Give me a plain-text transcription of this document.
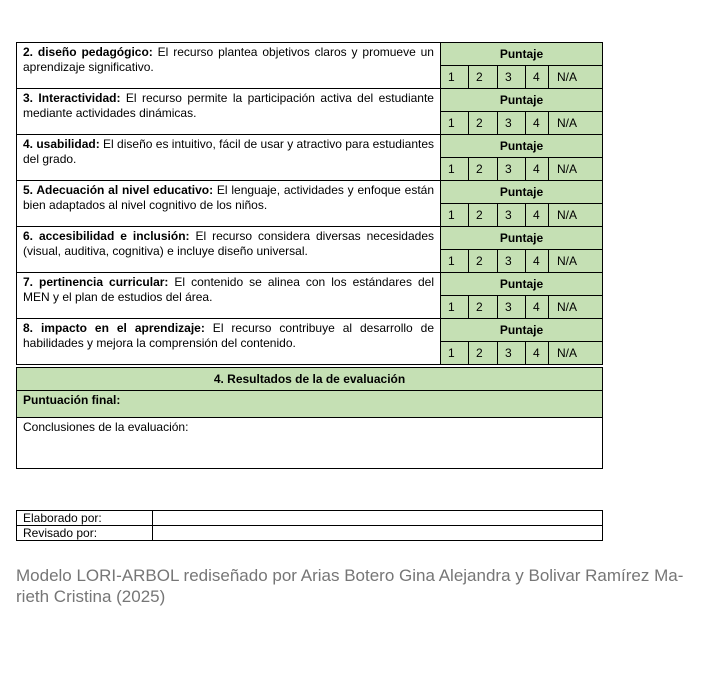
2. diseño pedagógico: El recurso plantea objetivos claros y promueve un aprendizaje significativo.	Puntaje				
	1	2	3	4	N/A
3. Interactividad: El recurso permite la participación activa del estudiante mediante actividades dinámicas.	Puntaje				
	1	2	3	4	N/A
4. usabilidad: El diseño es intuitivo, fácil de usar y atractivo para estudiantes del grado.	Puntaje				
	1	2	3	4	N/A
5. Adecuación al nivel educativo: El lenguaje, actividades y enfoque están bien adaptados al nivel cognitivo de los niños.	Puntaje				
	1	2	3	4	N/A
6. accesibilidad e inclusión: El recurso considera diversas necesidades (visual, auditiva, cognitiva) e incluye diseño universal.	Puntaje				
	1	2	3	4	N/A
7. pertinencia curricular: El contenido se alinea con los estándares del MEN y el plan de estudios del área.	Puntaje				
	1	2	3	4	N/A
8. impacto en el aprendizaje: El recurso contribuye al desarrollo de habilidades y mejora la comprensión del contenido.	Puntaje				
	1	2	3	4	N/A

4. Resultados de la de evaluación					
Puntuación final:					
Conclusiones de la evaluación:					
Elaborado por:	
Revisado por:	
Modelo LORI-ARBOL rediseñado por Arias Botero Gina Alejandra y Bolivar Ramírez Ma-rieth Cristina (2025)
